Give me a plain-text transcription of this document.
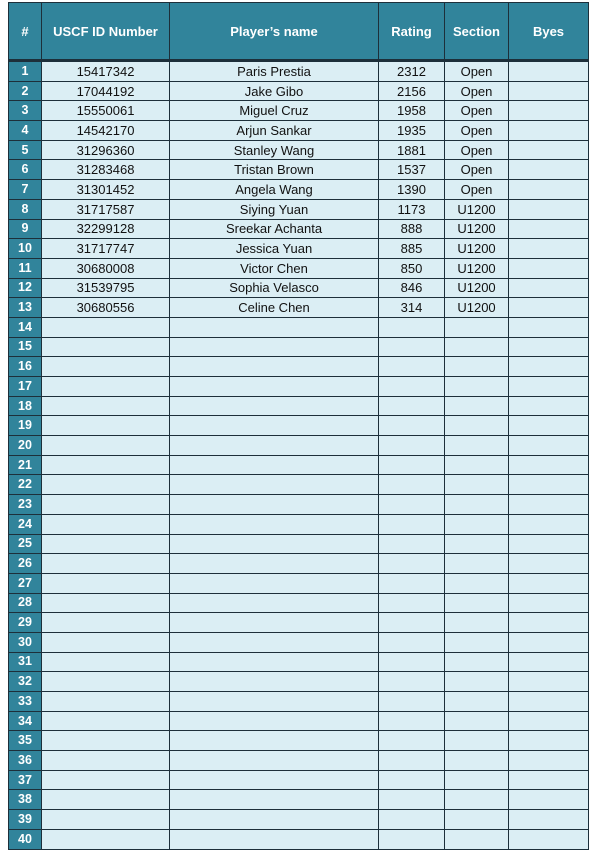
#	USCF ID Number	Player’s name	Rating	Section	Byes
1	15417342	Paris Prestia	2312	Open	
2	17044192	Jake Gibo	2156	Open	
3	15550061	Miguel Cruz	1958	Open	
4	14542170	Arjun Sankar	1935	Open	
5	31296360	Stanley Wang	1881	Open	
6	31283468	Tristan Brown	1537	Open	
7	31301452	Angela Wang	1390	Open	
8	31717587	Siying Yuan	1173	U1200	
9	32299128	Sreekar Achanta	888	U1200	
10	31717747	Jessica Yuan	885	U1200	
11	30680008	Victor Chen	850	U1200	
12	31539795	Sophia Velasco	846	U1200	
13	30680556	Celine Chen	314	U1200	
14					
15					
16					
17					
18					
19					
20					
21					
22					
23					
24					
25					
26					
27					
28					
29					
30					
31					
32					
33					
34					
35					
36					
37					
38					
39					
40					
